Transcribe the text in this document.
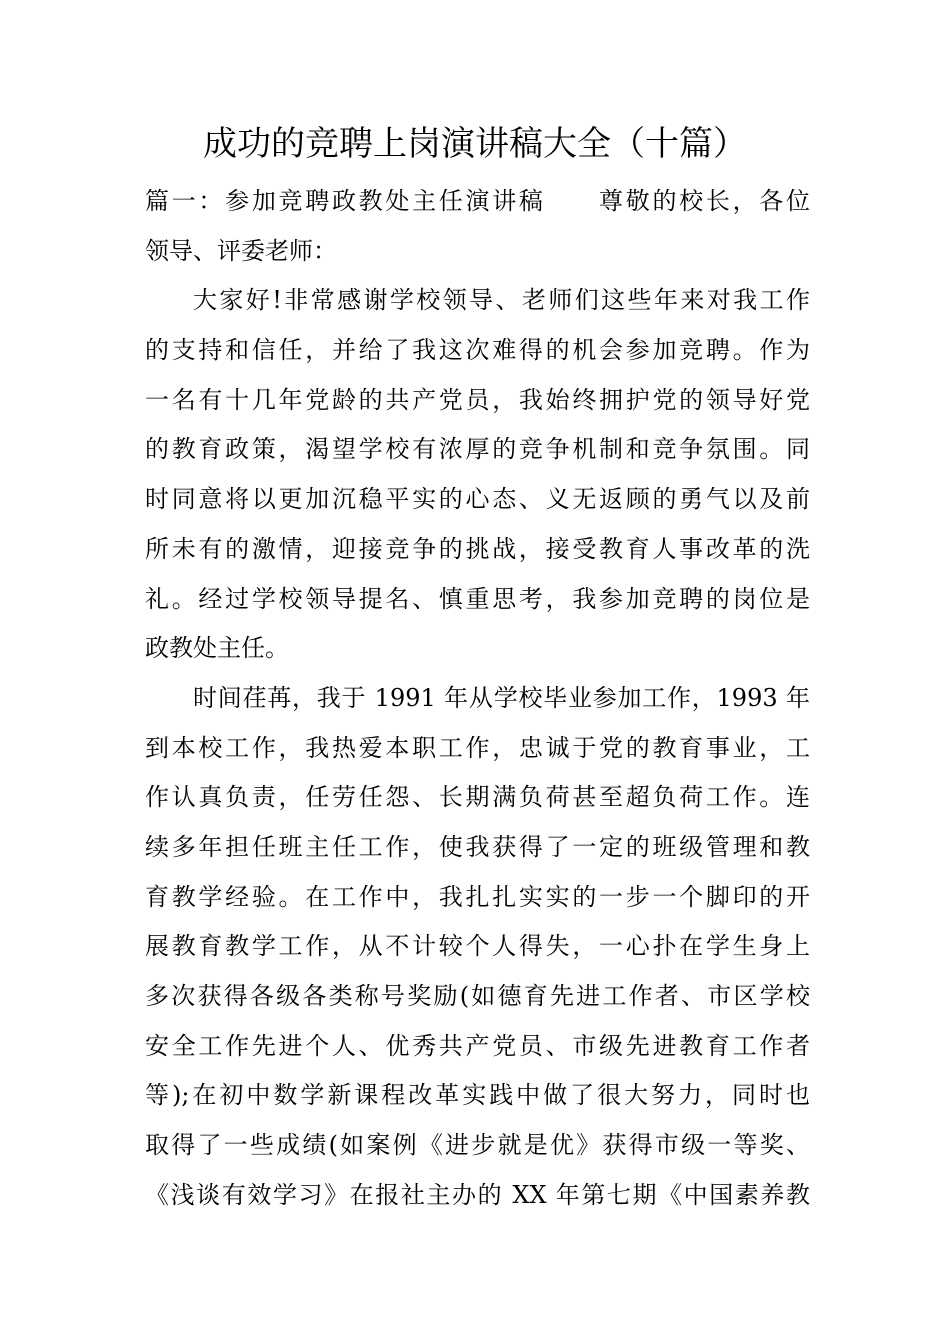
成功的竞聘上岗演讲稿大全（十篇）
篇一：参加竞聘政教处主任演讲稿　　尊敬的校长，各位
领导、评委老师：
大家好!非常感谢学校领导、老师们这些年来对我工作
的支持和信任，并给了我这次难得的机会参加竞聘。作为
一名有十几年党龄的共产党员，我始终拥护党的领导好党
的教育政策，渴望学校有浓厚的竞争机制和竞争氛围。同
时同意将以更加沉稳平实的心态、义无返顾的勇气以及前
所未有的激情，迎接竞争的挑战，接受教育人事改革的洗
礼。经过学校领导提名、慎重思考，我参加竞聘的岗位是
政教处主任。
时间荏苒，我于 1991 年从学校毕业参加工作，1993 年
到本校工作，我热爱本职工作，忠诚于党的教育事业，工
作认真负责，任劳任怨、长期满负荷甚至超负荷工作。连
续多年担任班主任工作，使我获得了一定的班级管理和教
育教学经验。在工作中，我扎扎实实的一步一个脚印的开
展教育教学工作，从不计较个人得失，一心扑在学生身上
多次获得各级各类称号奖励(如德育先进工作者、市区学校
安全工作先进个人、优秀共产党员、市级先进教育工作者
等);在初中数学新课程改革实践中做了很大努力，同时也
取得了一些成绩(如案例《进步就是优》获得市级一等奖、
《浅谈有效学习》在报社主办的 XX 年第七期《中国素养教
